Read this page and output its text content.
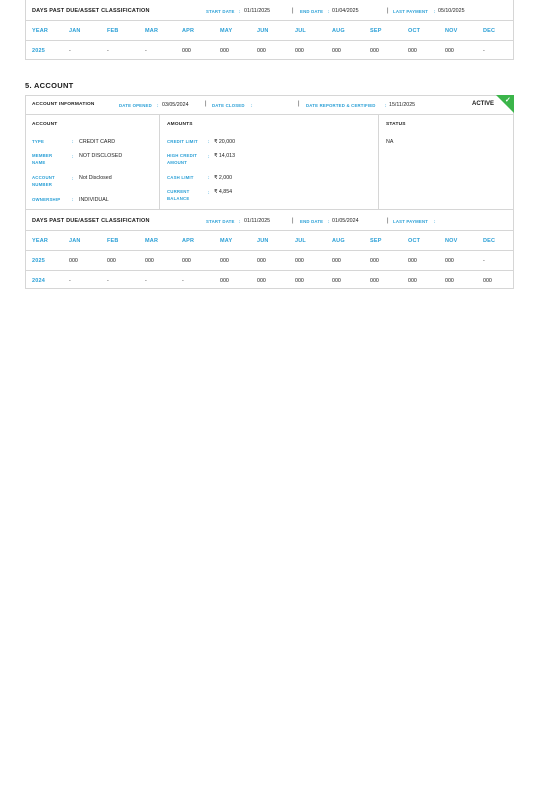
DAYS PAST DUE/ASSET CLASSIFICATION	START DATE : 01/11/2025	| END DATE : 01/04/2025	| LAST PAYMENT : 05/10/2025
YEAR	JAN	FEB	MAR	APR	MAY	JUN	JUL	AUG	SEP	OCT	NOV	DEC
2025	-	-	-	000	000	000	000	000	000	000	000	-
5. ACCOUNT
ACCOUNT INFORMATION	DATE OPENED : 03/05/2024	| DATE CLOSED :	| DATE REPORTED & CERTIFIED : 15/11/2025	ACTIVE ✓
ACCOUNT
TYPE	: CREDIT CARD
MEMBER
NAME
: NOT DISCLOSED
ACCOUNT
NUMBER
: Not Disclosed
OWNERSHIP	: INDIVIDUAL
AMOUNTS
CREDIT LIMIT : ₹ 20,000
HIGH CREDIT
AMOUNT
: ₹ 14,013
CASH LIMIT	: ₹ 2,000
CURRENT
BALANCE
: ₹ 4,854
STATUS
NA
DAYS PAST DUE/ASSET CLASSIFICATION	START DATE : 01/11/2025	| END DATE : 01/05/2024	| LAST PAYMENT :
YEAR	JAN	FEB	MAR	APR	MAY	JUN	JUL	AUG	SEP	OCT	NOV	DEC
2025	000	000	000	000	000	000	000	000	000	000	000	-
2024	-	-	-	-	000	000	000	000	000	000	000	000
